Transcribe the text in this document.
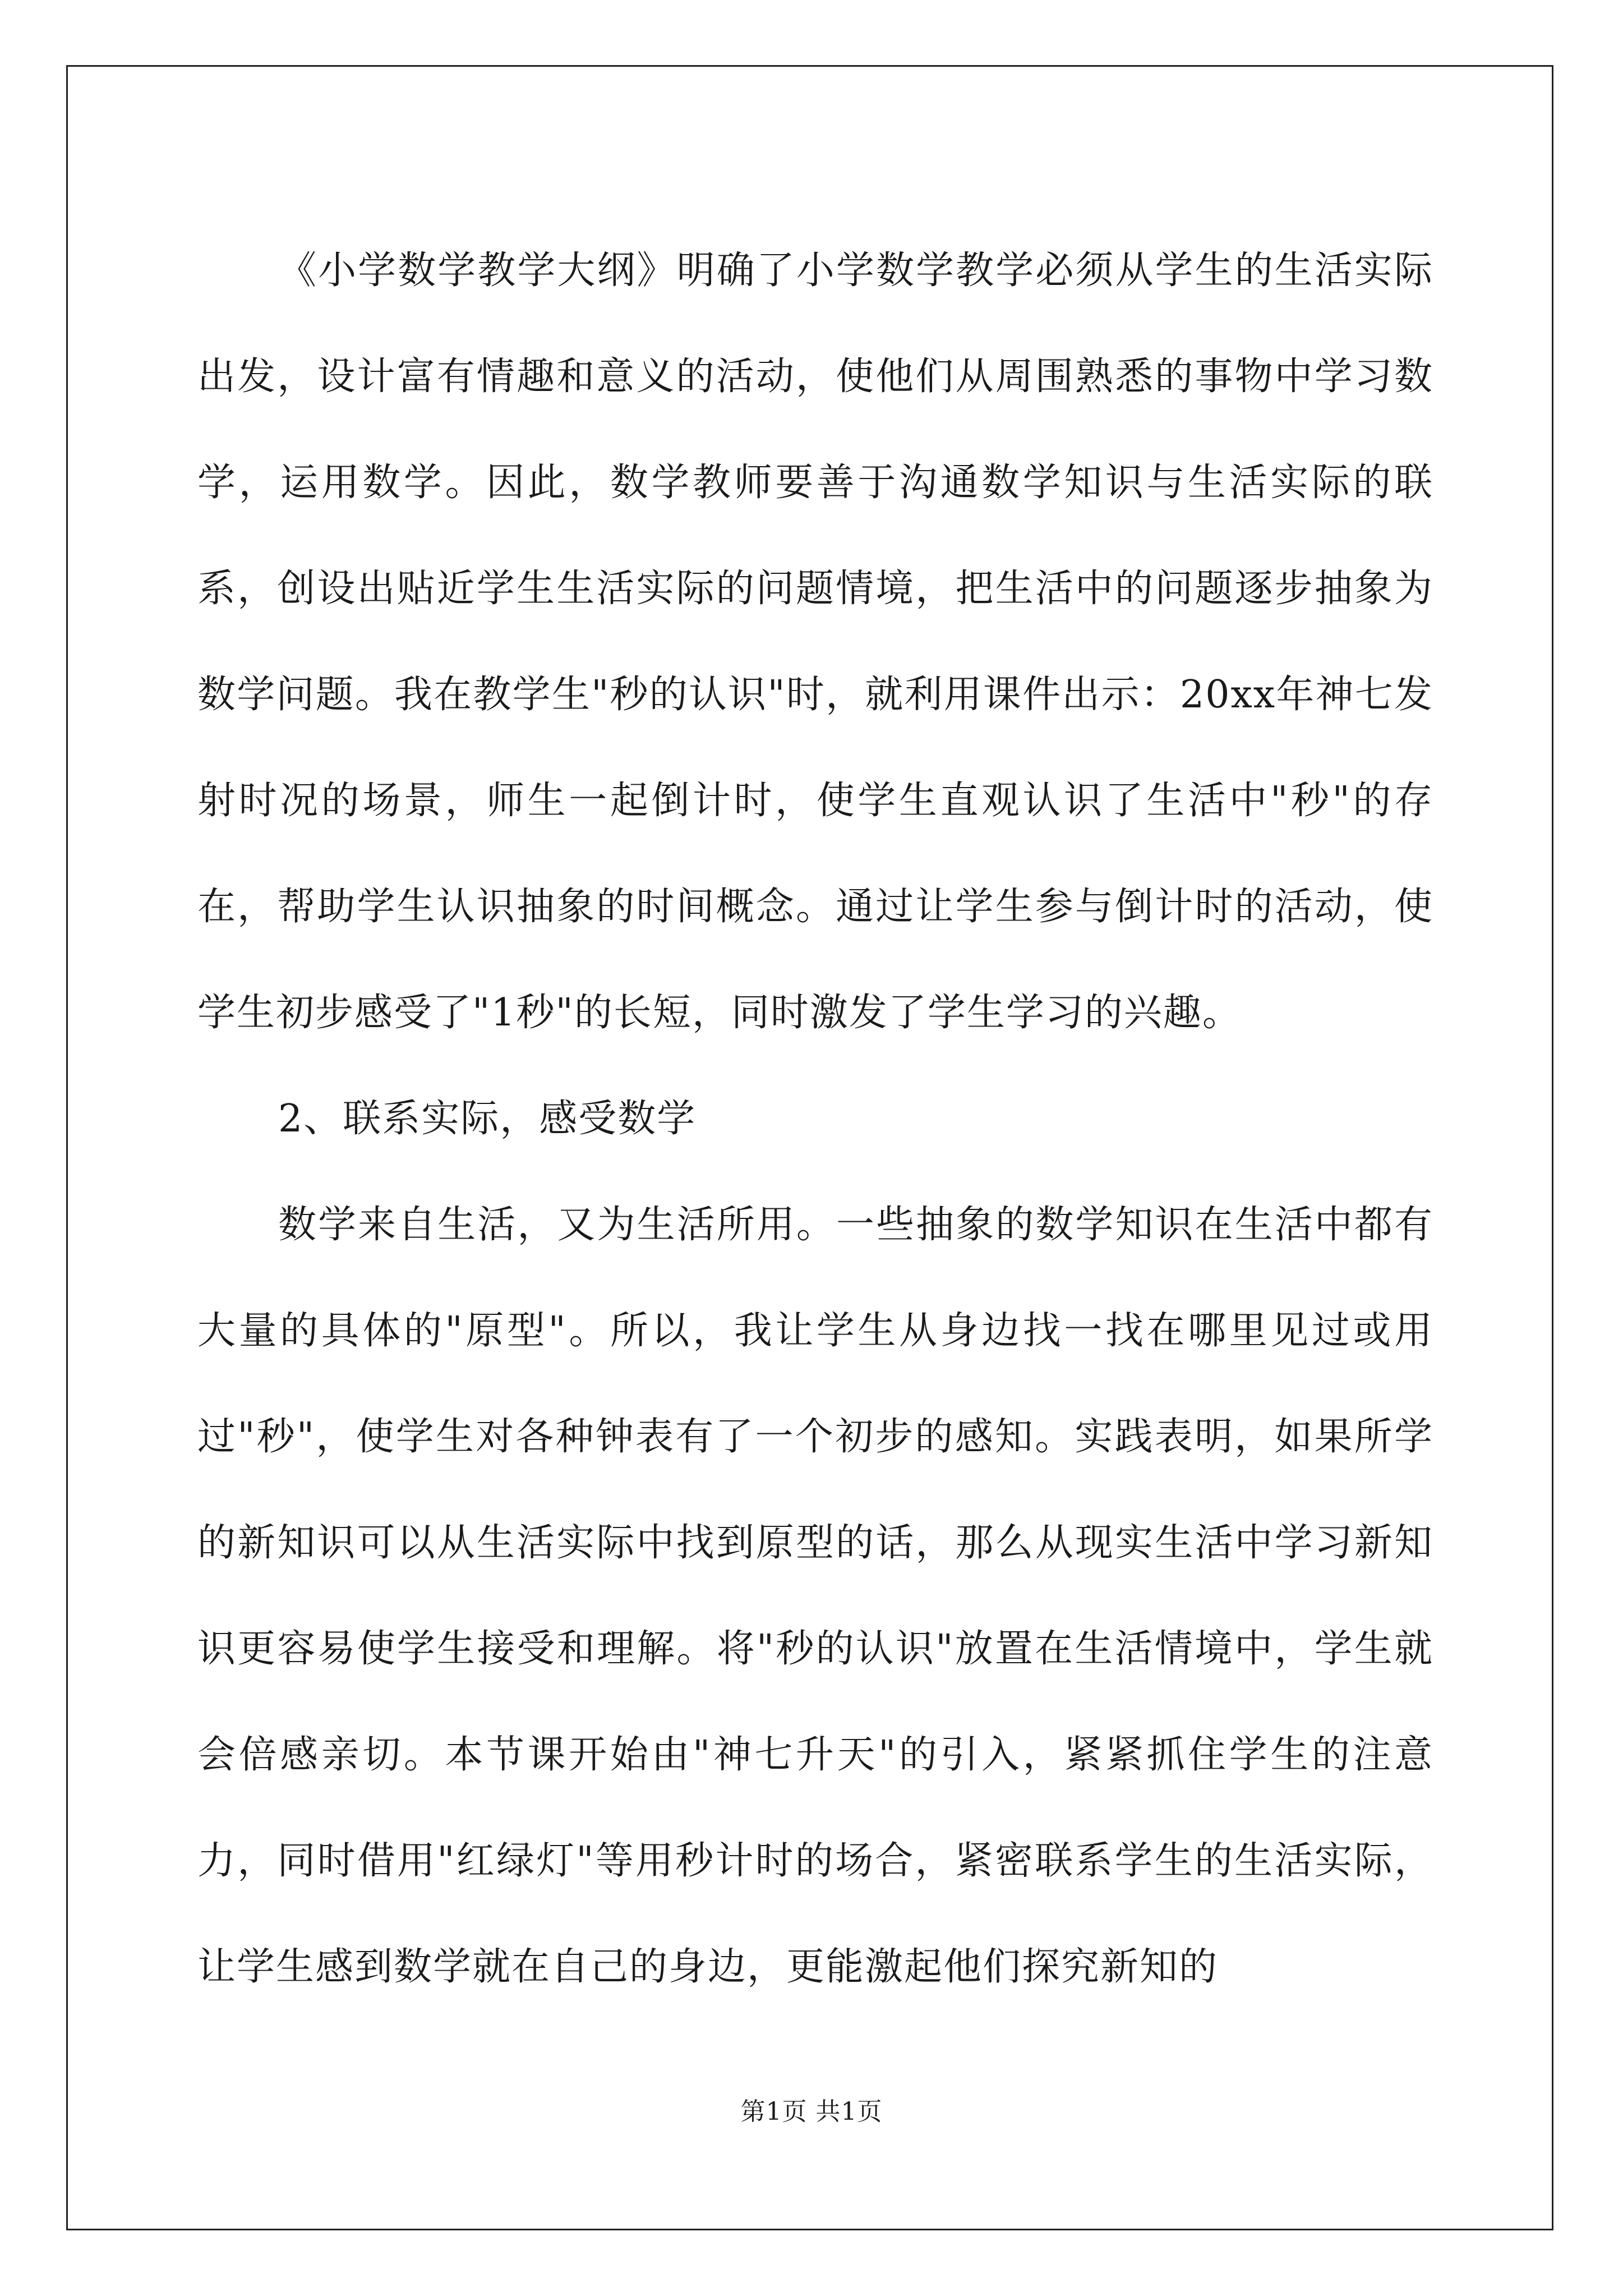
《小学数学教学大纲》明确了小学数学教学必须从学生的生活实际出发，设计富有情趣和意义的活动，使他们从周围熟悉的事物中学习数学，运用数学。因此，数学教师要善于沟通数学知识与生活实际的联系，创设出贴近学生生活实际的问题情境，把生活中的问题逐步抽象为数学问题。我在教学生"秒的认识"时，就利用课件出示：20xx年神七发射时况的场景，师生一起倒计时，使学生直观认识了生活中"秒"的存在，帮助学生认识抽象的时间概念。通过让学生参与倒计时的活动，使学生初步感受了"1秒"的长短，同时激发了学生学习的兴趣。

2、联系实际，感受数学

数学来自生活，又为生活所用。一些抽象的数学知识在生活中都有大量的具体的"原型"。所以，我让学生从身边找一找在哪里见过或用过"秒"，使学生对各种钟表有了一个初步的感知。实践表明，如果所学的新知识可以从生活实际中找到原型的话，那么从现实生活中学习新知识更容易使学生接受和理解。将"秒的认识"放置在生活情境中，学生就会倍感亲切。本节课开始由"神七升天"的引入，紧紧抓住学生的注意力，同时借用"红绿灯"等用秒计时的场合，紧密联系学生的生活实际，让学生感到数学就在自己的身边，更能激起他们探究新知的

第1页 共1页
